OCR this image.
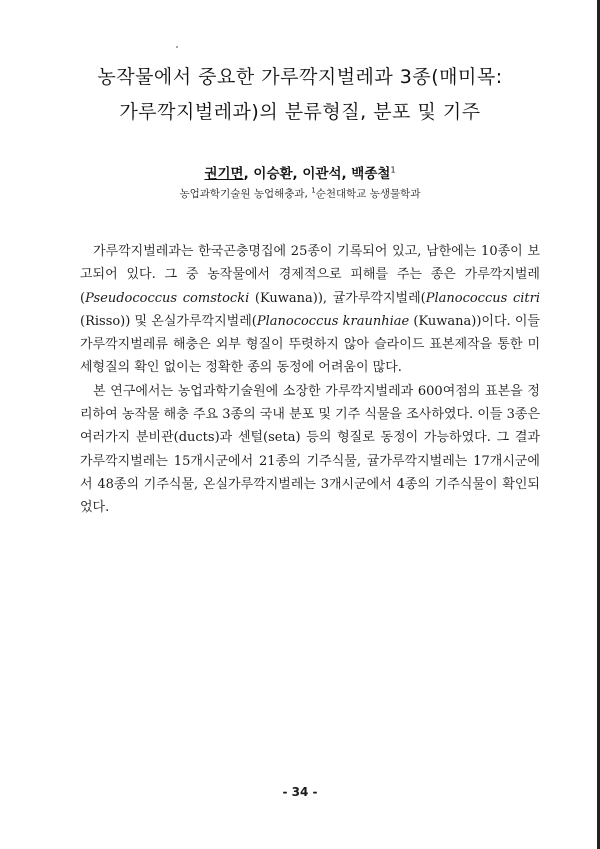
농작물에서 중요한 가루깍지벌레과 3종(매미목:
가루깍지벌레과)의 분류형질, 분포 및 기주
권기면, 이승환, 이관석, 백종철$^1$
농업과학기술원 농업해충과, $^1$순천대학교 농생물학과

가루깍지벌레과는 한국곤충명집에 25종이 기록되어 있고, 남한에는 10종이 보고되어 있다. 그 중 농작물에서 경제적으로 피해를 주는 종은 가루깍지벌레(Pseudococcus comstocki (Kuwana)), 귤가루깍지벌레(Planococcus citri (Risso)) 및 온실가루깍지벌레(Planococcus kraunhiae (Kuwana))이다. 이들 가루깍지벌레류 해충은 외부 형질이 뚜렷하지 않아 슬라이드 표본제작을 통한 미세형질의 확인 없이는 정확한 종의 동정에 어려움이 많다.

본 연구에서는 농업과학기술원에 소장한 가루깍지벌레과 600여점의 표본을 정리하여 농작물 해충 주요 3종의 국내 분포 및 기주 식물을 조사하였다. 이들 3종은 여러가지 분비관(ducts)과 센털(seta) 등의 형질로 동정이 가능하였다. 그 결과 가루깍지벌레는 15개시군에서 21종의 기주식물, 귤가루깍지벌레는 17개시군에서 48종의 기주식물, 온실가루깍지벌레는 3개시군에서 4종의 기주식물이 확인되었다.

- 34 -
